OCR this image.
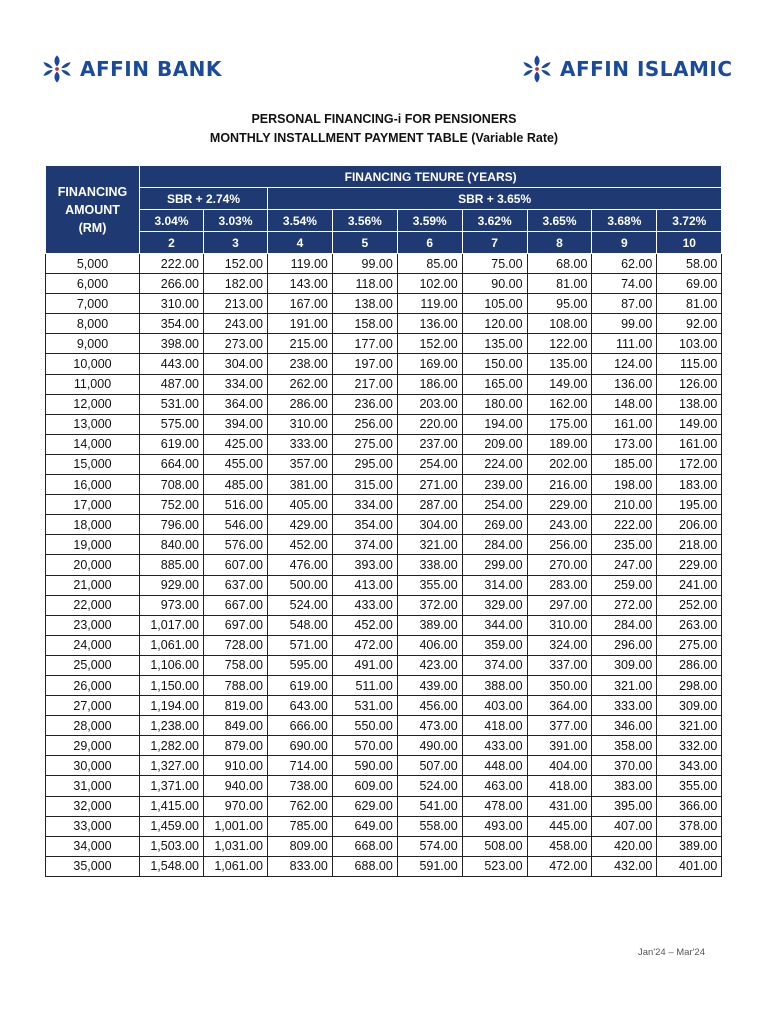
AFFIN BANK	AFFIN ISLAMIC
PERSONAL FINANCING-i FOR PENSIONERS
MONTHLY INSTALLMENT PAYMENT TABLE (Variable Rate)
FINANCING
AMOUNT
(RM)	FINANCING TENURE (YEARS)								
	SBR + 2.74%		SBR + 3.65%						
	3.04%	3.03%	3.54%	3.56%	3.59%	3.62%	3.65%	3.68%	3.72%
	2	3	4	5	6	7	8	9	10
5,000	222.00	152.00	119.00	99.00	85.00	75.00	68.00	62.00	58.00
6,000	266.00	182.00	143.00	118.00	102.00	90.00	81.00	74.00	69.00
7,000	310.00	213.00	167.00	138.00	119.00	105.00	95.00	87.00	81.00
8,000	354.00	243.00	191.00	158.00	136.00	120.00	108.00	99.00	92.00
9,000	398.00	273.00	215.00	177.00	152.00	135.00	122.00	111.00	103.00
10,000	443.00	304.00	238.00	197.00	169.00	150.00	135.00	124.00	115.00
11,000	487.00	334.00	262.00	217.00	186.00	165.00	149.00	136.00	126.00
12,000	531.00	364.00	286.00	236.00	203.00	180.00	162.00	148.00	138.00
13,000	575.00	394.00	310.00	256.00	220.00	194.00	175.00	161.00	149.00
14,000	619.00	425.00	333.00	275.00	237.00	209.00	189.00	173.00	161.00
15,000	664.00	455.00	357.00	295.00	254.00	224.00	202.00	185.00	172.00
16,000	708.00	485.00	381.00	315.00	271.00	239.00	216.00	198.00	183.00
17,000	752.00	516.00	405.00	334.00	287.00	254.00	229.00	210.00	195.00
18,000	796.00	546.00	429.00	354.00	304.00	269.00	243.00	222.00	206.00
19,000	840.00	576.00	452.00	374.00	321.00	284.00	256.00	235.00	218.00
20,000	885.00	607.00	476.00	393.00	338.00	299.00	270.00	247.00	229.00
21,000	929.00	637.00	500.00	413.00	355.00	314.00	283.00	259.00	241.00
22,000	973.00	667.00	524.00	433.00	372.00	329.00	297.00	272.00	252.00
23,000	1,017.00	697.00	548.00	452.00	389.00	344.00	310.00	284.00	263.00
24,000	1,061.00	728.00	571.00	472.00	406.00	359.00	324.00	296.00	275.00
25,000	1,106.00	758.00	595.00	491.00	423.00	374.00	337.00	309.00	286.00
26,000	1,150.00	788.00	619.00	511.00	439.00	388.00	350.00	321.00	298.00
27,000	1,194.00	819.00	643.00	531.00	456.00	403.00	364.00	333.00	309.00
28,000	1,238.00	849.00	666.00	550.00	473.00	418.00	377.00	346.00	321.00
29,000	1,282.00	879.00	690.00	570.00	490.00	433.00	391.00	358.00	332.00
30,000	1,327.00	910.00	714.00	590.00	507.00	448.00	404.00	370.00	343.00
31,000	1,371.00	940.00	738.00	609.00	524.00	463.00	418.00	383.00	355.00
32,000	1,415.00	970.00	762.00	629.00	541.00	478.00	431.00	395.00	366.00
33,000	1,459.00	1,001.00	785.00	649.00	558.00	493.00	445.00	407.00	378.00
34,000	1,503.00	1,031.00	809.00	668.00	574.00	508.00	458.00	420.00	389.00
35,000	1,548.00	1,061.00	833.00	688.00	591.00	523.00	472.00	432.00	401.00
Jan'24 – Mar'24
